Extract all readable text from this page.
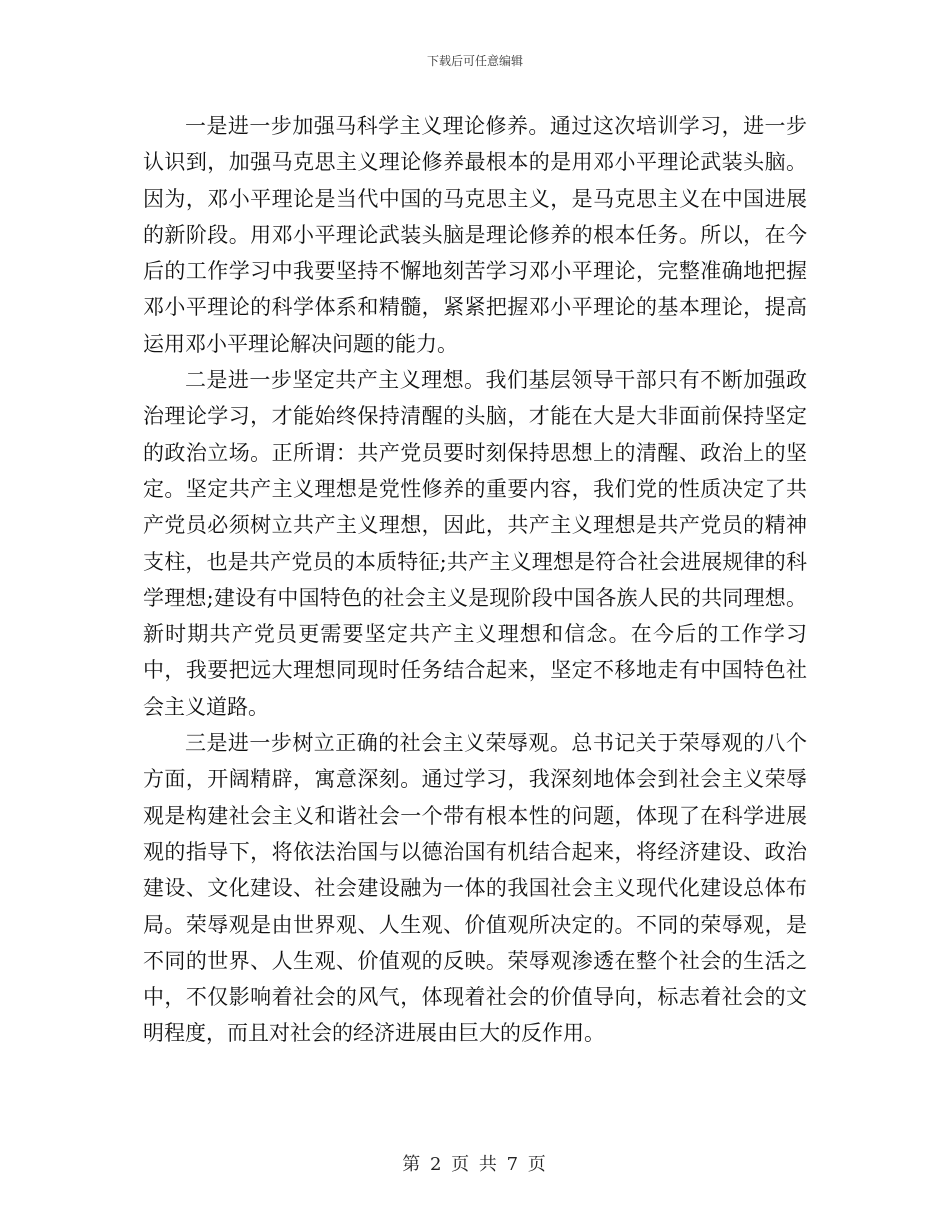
下载后可任意编辑

一是进一步加强马科学主义理论修养。通过这次培训学习，进一步认识到，加强马克思主义理论修养最根本的是用邓小平理论武装头脑。因为，邓小平理论是当代中国的马克思主义，是马克思主义在中国进展的新阶段。用邓小平理论武装头脑是理论修养的根本任务。所以，在今后的工作学习中我要坚持不懈地刻苦学习邓小平理论，完整准确地把握邓小平理论的科学体系和精髓，紧紧把握邓小平理论的基本理论，提高运用邓小平理论解决问题的能力。

二是进一步坚定共产主义理想。我们基层领导干部只有不断加强政治理论学习，才能始终保持清醒的头脑，才能在大是大非面前保持坚定的政治立场。正所谓：共产党员要时刻保持思想上的清醒、政治上的坚定。坚定共产主义理想是党性修养的重要内容，我们党的性质决定了共产党员必须树立共产主义理想，因此，共产主义理想是共产党员的精神支柱，也是共产党员的本质特征;共产主义理想是符合社会进展规律的科学理想;建设有中国特色的社会主义是现阶段中国各族人民的共同理想。新时期共产党员更需要坚定共产主义理想和信念。在今后的工作学习中，我要把远大理想同现时任务结合起来，坚定不移地走有中国特色社会主义道路。

三是进一步树立正确的社会主义荣辱观。总书记关于荣辱观的八个方面，开阔精辟，寓意深刻。通过学习，我深刻地体会到社会主义荣辱观是构建社会主义和谐社会一个带有根本性的问题，体现了在科学进展观的指导下，将依法治国与以德治国有机结合起来，将经济建设、政治建设、文化建设、社会建设融为一体的我国社会主义现代化建设总体布局。荣辱观是由世界观、人生观、价值观所决定的。不同的荣辱观，是不同的世界、人生观、价值观的反映。荣辱观渗透在整个社会的生活之中，不仅影响着社会的风气，体现着社会的价值导向，标志着社会的文明程度，而且对社会的经济进展由巨大的反作用。

第 2 页 共 7 页
